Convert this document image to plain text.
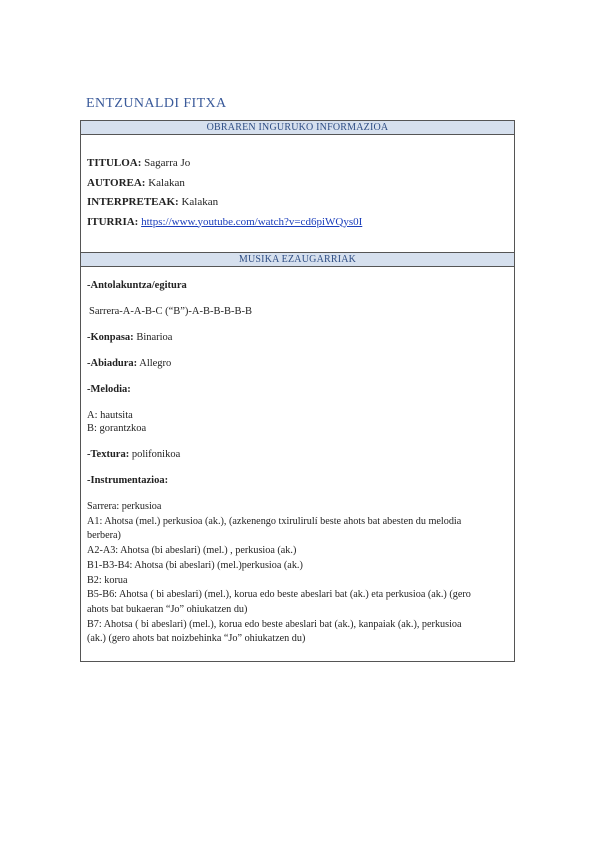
ENTZUNALDI FITXA
OBRAREN INGURUKO INFORMAZIOA
TITULOA: Sagarra Jo
AUTOREA: Kalakan
INTERPRETEAK: Kalakan
ITURRIA: https://www.youtube.com/watch?v=cd6piWQys0I
MUSIKA EZAUGARRIAK

-Antolakuntza/egitura

Sarrera-A-A-B-C (“B”)-A-B-B-B-B-B

-Konpasa: Binarioa

-Abiadura: Allegro

-Melodia:

A: hautsita

B: gorantzkoa

-Textura: polifonikoa

-Instrumentazioa:

Sarrera: perkusioa

A1: Ahotsa (mel.) perkusioa (ak.), (azkenengo txirulirulí beste ahots bat abesten du melodia

berbera)

A2-A3: Ahotsa (bi abeslari) (mel.) , perkusioa (ak.)

B1-B3-B4: Ahotsa (bi abeslari) (mel.)perkusioa (ak.)

B2: korua

B5-B6: Ahotsa ( bi abeslari) (mel.), korua edo beste abeslari bat (ak.) eta perkusioa (ak.) (gero

ahots bat bukaeran “Jo” ohiukatzen du)

B7: Ahotsa ( bi abeslari) (mel.), korua edo beste abeslari bat (ak.), kanpaiak (ak.), perkusioa

(ak.) (gero ahots bat noizbehinka “Jo” ohiukatzen du)
